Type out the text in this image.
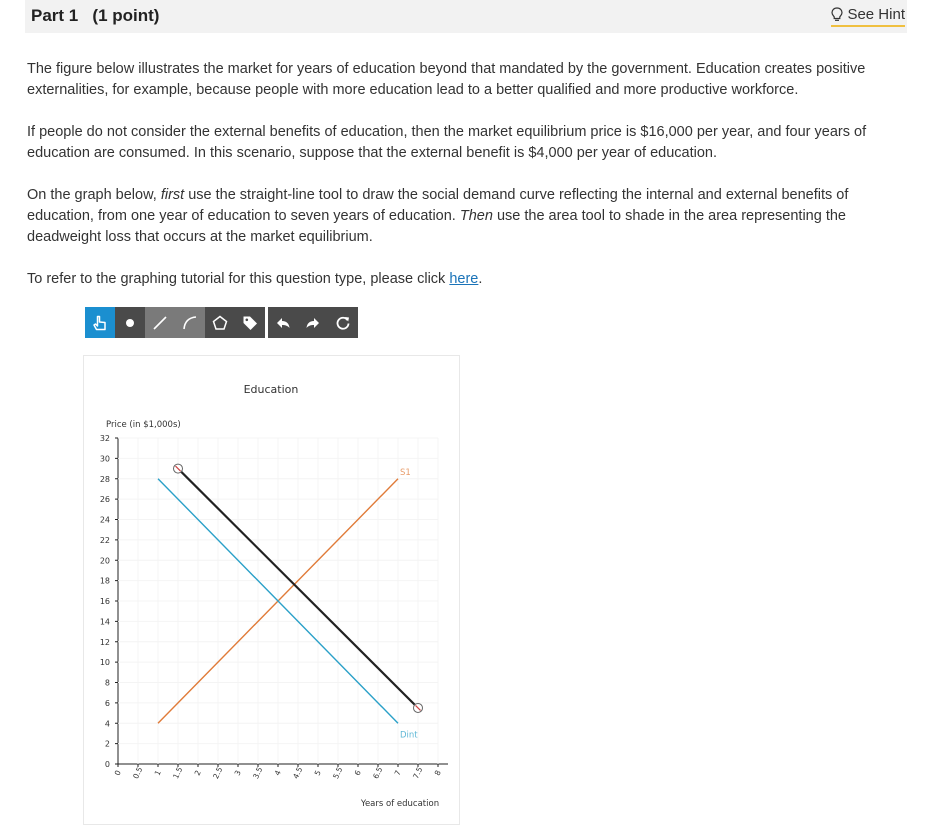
Part 1 (1 point)	See Hint
The figure below illustrates the market for years of education beyond that mandated by the government. Education creates positive externalities, for example, because people with more education lead to a better qualified and more productive workforce.
If people do not consider the external benefits of education, then the market equilibrium price is $16,000 per year, and four years of education are consumed. In this scenario, suppose that the external benefit is $4,000 per year of education.
On the graph below, first use the straight-line tool to draw the social demand curve reflecting the internal and external benefits of education, from one year of education to seven years of education. Then use the area tool to shade in the area representing the deadweight loss that occurs at the market equilibrium.
To refer to the graphing tutorial for this question type, please click here.
Education
Price (in $1,000s)
0
2
4
6
8
10
12
14
16
18
20
22
24
26
28
30
32
0 0.5 1 1.5 2 2.5 3 3.5 4 4.5 5 5.5 6 6.5 7 7.5 8
Years of education
S1
Dint
